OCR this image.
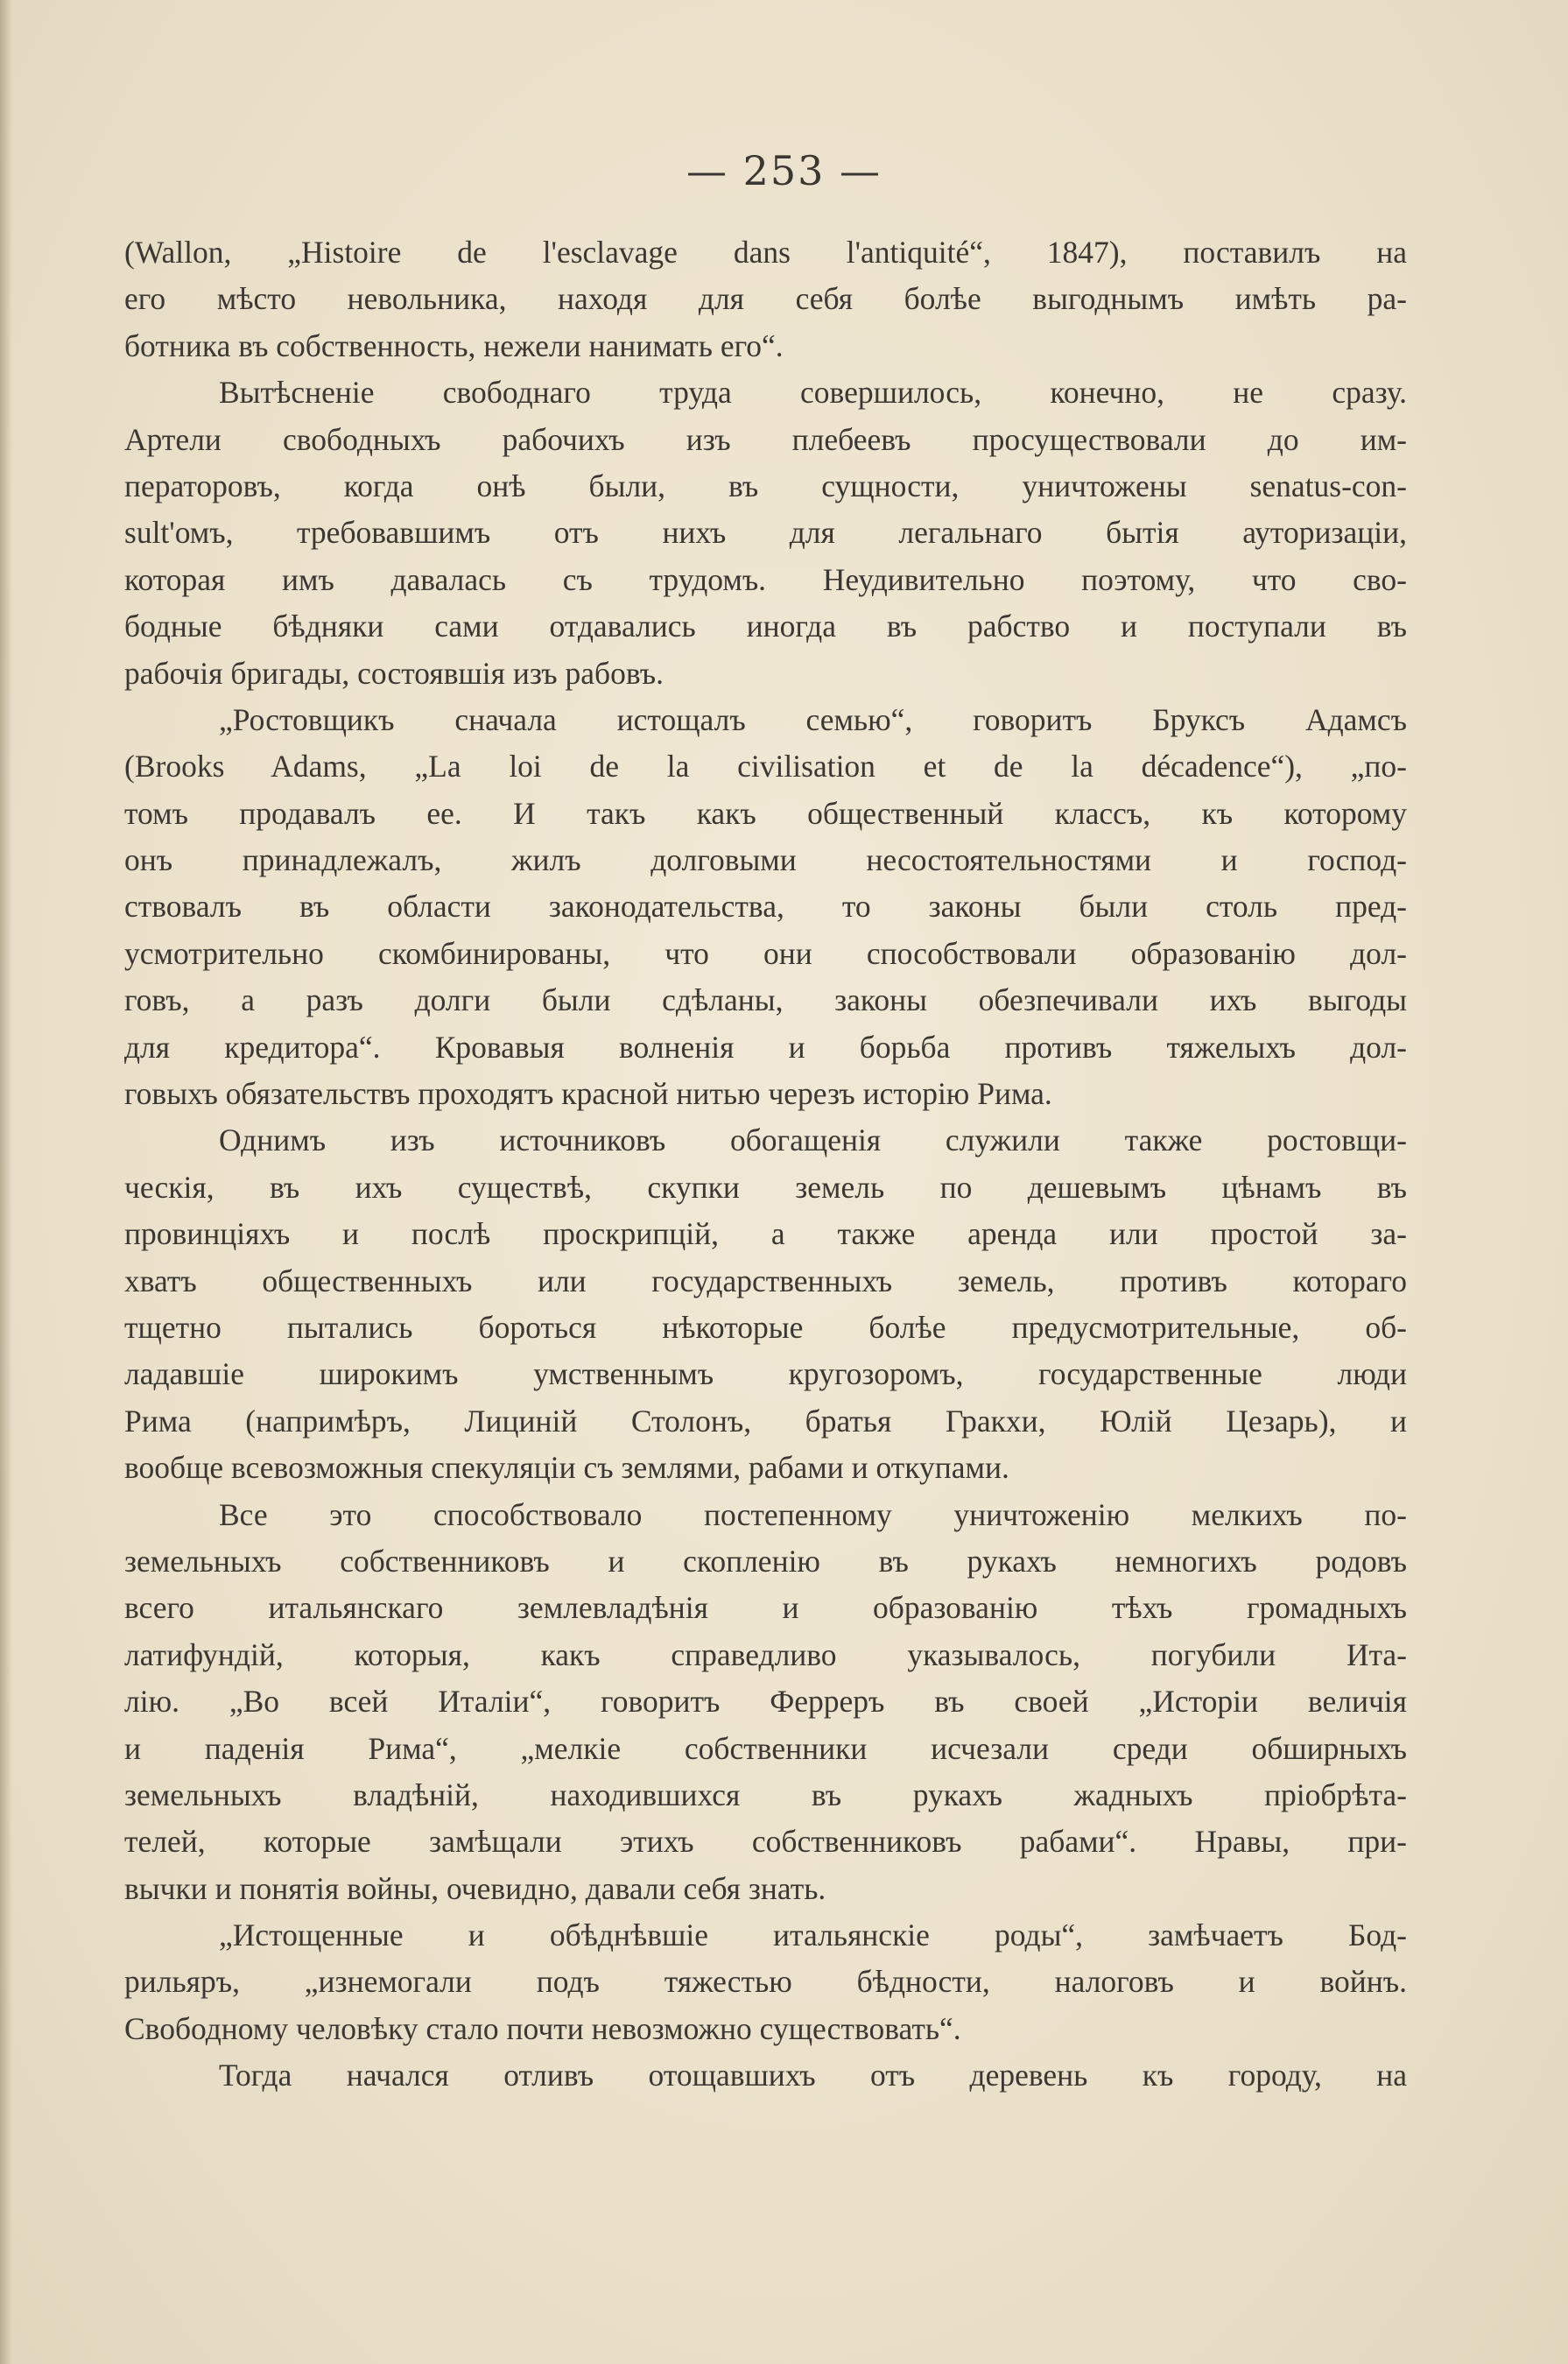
— 253 —
(Wallon, „Histoire de l'esclavage dans l'antiquité“, 1847), поставилъ на
его мѣсто невольника, находя для себя болѣе выгоднымъ имѣть ра-
ботника въ собственность, нежели нанимать его“.
Вытѣсненіе свободнаго труда совершилось, конечно, не сразу.
Артели свободныхъ рабочихъ изъ плебеевъ просуществовали до им-
ператоровъ, когда онѣ были, въ сущности, уничтожены senatus-con-
sult'омъ, требовавшимъ отъ нихъ для легальнаго бытія ауторизаціи,
которая имъ давалась съ трудомъ. Неудивительно поэтому, что сво-
бодные бѣдняки сами отдавались иногда въ рабство и поступали въ
рабочія бригады, состоявшія изъ рабовъ.
„Ростовщикъ сначала истощалъ семью“, говоритъ Бруксъ Адамсъ
(Brooks Adams, „La loi de la civilisation et de la décadence“), „по-
томъ продавалъ ее. И такъ какъ общественный классъ, къ которому
онъ принадлежалъ, жилъ долговыми несостоятельностями и господ-
ствовалъ въ области законодательства, то законы были столь пред-
усмотрительно скомбинированы, что они способствовали образованію дол-
говъ, а разъ долги были сдѣланы, законы обезпечивали ихъ выгоды
для кредитора“. Кровавыя волненія и борьба противъ тяжелыхъ дол-
говыхъ обязательствъ проходятъ красной нитью черезъ исторію Рима.
Однимъ изъ источниковъ обогащенія служили также ростовщи-
ческія, въ ихъ существѣ, скупки земель по дешевымъ цѣнамъ въ
провинціяхъ и послѣ проскрипцій, а также аренда или простой за-
хватъ общественныхъ или государственныхъ земель, противъ котораго
тщетно пытались бороться нѣкоторые болѣе предусмотрительные, об-
ладавшіе широкимъ умственнымъ кругозоромъ, государственные люди
Рима (напримѣръ, Лициній Столонъ, братья Гракхи, Юлій Цезарь), и
вообще всевозможныя спекуляціи съ землями, рабами и откупами.
Все это способствовало постепенному уничтоженію мелкихъ по-
земельныхъ собственниковъ и скопленію въ рукахъ немногихъ родовъ
всего итальянскаго землевладѣнія и образованію тѣхъ громадныхъ
латифундій, которыя, какъ справедливо указывалось, погубили Ита-
лію. „Во всей Италіи“, говоритъ Ферреръ въ своей „Исторіи величія
и паденія Рима“, „мелкіе собственники исчезали среди обширныхъ
земельныхъ владѣній, находившихся въ рукахъ жадныхъ пріобрѣта-
телей, которые замѣщали этихъ собственниковъ рабами“. Нравы, при-
вычки и понятія войны, очевидно, давали себя знать.
„Истощенные и обѣднѣвшіе итальянскіе роды“, замѣчаетъ Бод-
рильяръ, „изнемогали подъ тяжестью бѣдности, налоговъ и войнъ.
Свободному человѣку стало почти невозможно существовать“.
Тогда начался отливъ отощавшихъ отъ деревень къ городу, на
